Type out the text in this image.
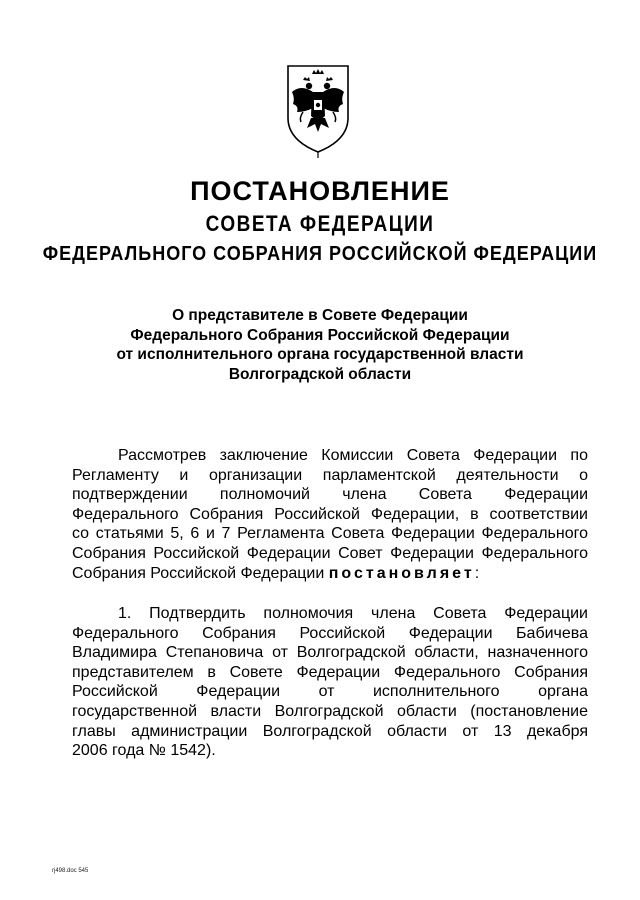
ПОСТАНОВЛЕНИЕ
СОВЕТА ФЕДЕРАЦИИ
ФЕДЕРАЛЬНОГО СОБРАНИЯ РОССИЙСКОЙ ФЕДЕРАЦИИ
О представителе в Совете Федерации
Федерального Собрания Российской Федерации
от исполнительного органа государственной власти
Волгоградской области
Рассмотрев заключение Комиссии Совета Федерации по
Регламенту и организации парламентской деятельности о
подтверждении полномочий члена Совета Федерации
Федерального Собрания Российской Федерации, в соответствии
со статьями 5, 6 и 7 Регламента Совета Федерации Федерального
Собрания Российской Федерации Совет Федерации Федерального
Собрания Российской Федерации постановляет:
1. Подтвердить полномочия члена Совета Федерации
Федерального Собрания Российской Федерации Бабичева
Владимира Степановича от Волгоградской области, назначенного
представителем в Совете Федерации Федерального Собрания
Российской Федерации от исполнительного органа
государственной власти Волгоградской области (постановление
главы администрации Волгоградской области от 13 декабря
2006 года № 1542).
rj498.doc 545
